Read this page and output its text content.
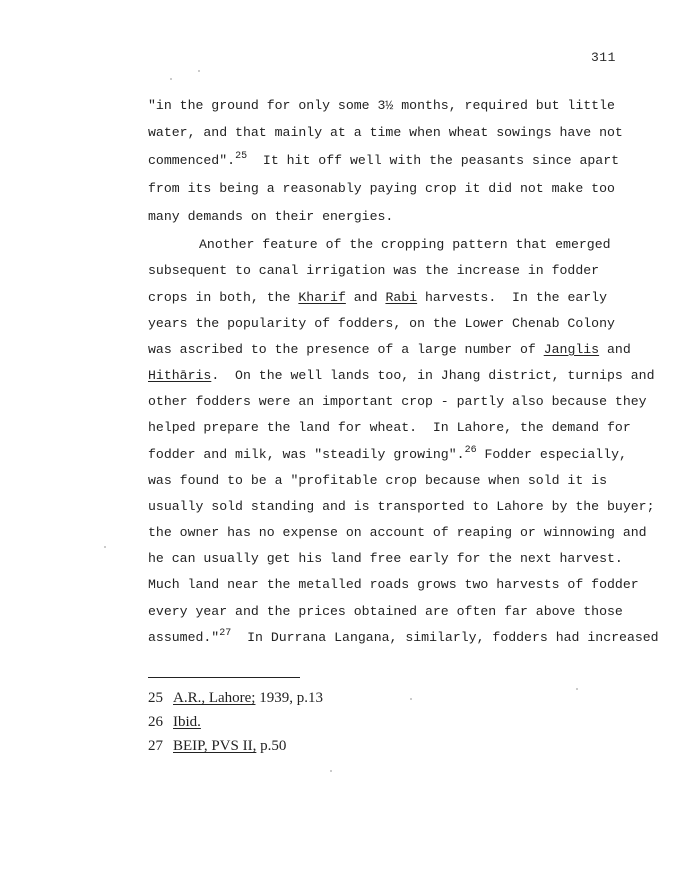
311
"in the ground for only some 3½ months, required but little
water, and that mainly at a time when wheat sowings have not
commenced".$^{25}$  It hit off well with the peasants since apart
from its being a reasonably paying crop it did not make too
many demands on their energies.
Another feature of the cropping pattern that emerged
subsequent to canal irrigation was the increase in fodder
crops in both, the Kharif and Rabi harvests.  In the early
years the popularity of fodders, on the Lower Chenab Colony
was ascribed to the presence of a large number of Janglis and
Hithāris.  On the well lands too, in Jhang district, turnips and
other fodders were an important crop - partly also because they
helped prepare the land for wheat.  In Lahore, the demand for
fodder and milk, was "steadily growing".$^{26}$ Fodder especially,
was found to be a "profitable crop because when sold it is
usually sold standing and is transported to Lahore by the buyer;
the owner has no expense on account of reaping or winnowing and
he can usually get his land free early for the next harvest.
Much land near the metalled roads grows two harvests of fodder
every year and the prices obtained are often far above those
assumed."$^{27}$  In Durrana Langana, similarly, fodders had increased
25 A.R., Lahore; 1939, p.13
26 Ibid.
27 BEIP, PVS II, p.50
